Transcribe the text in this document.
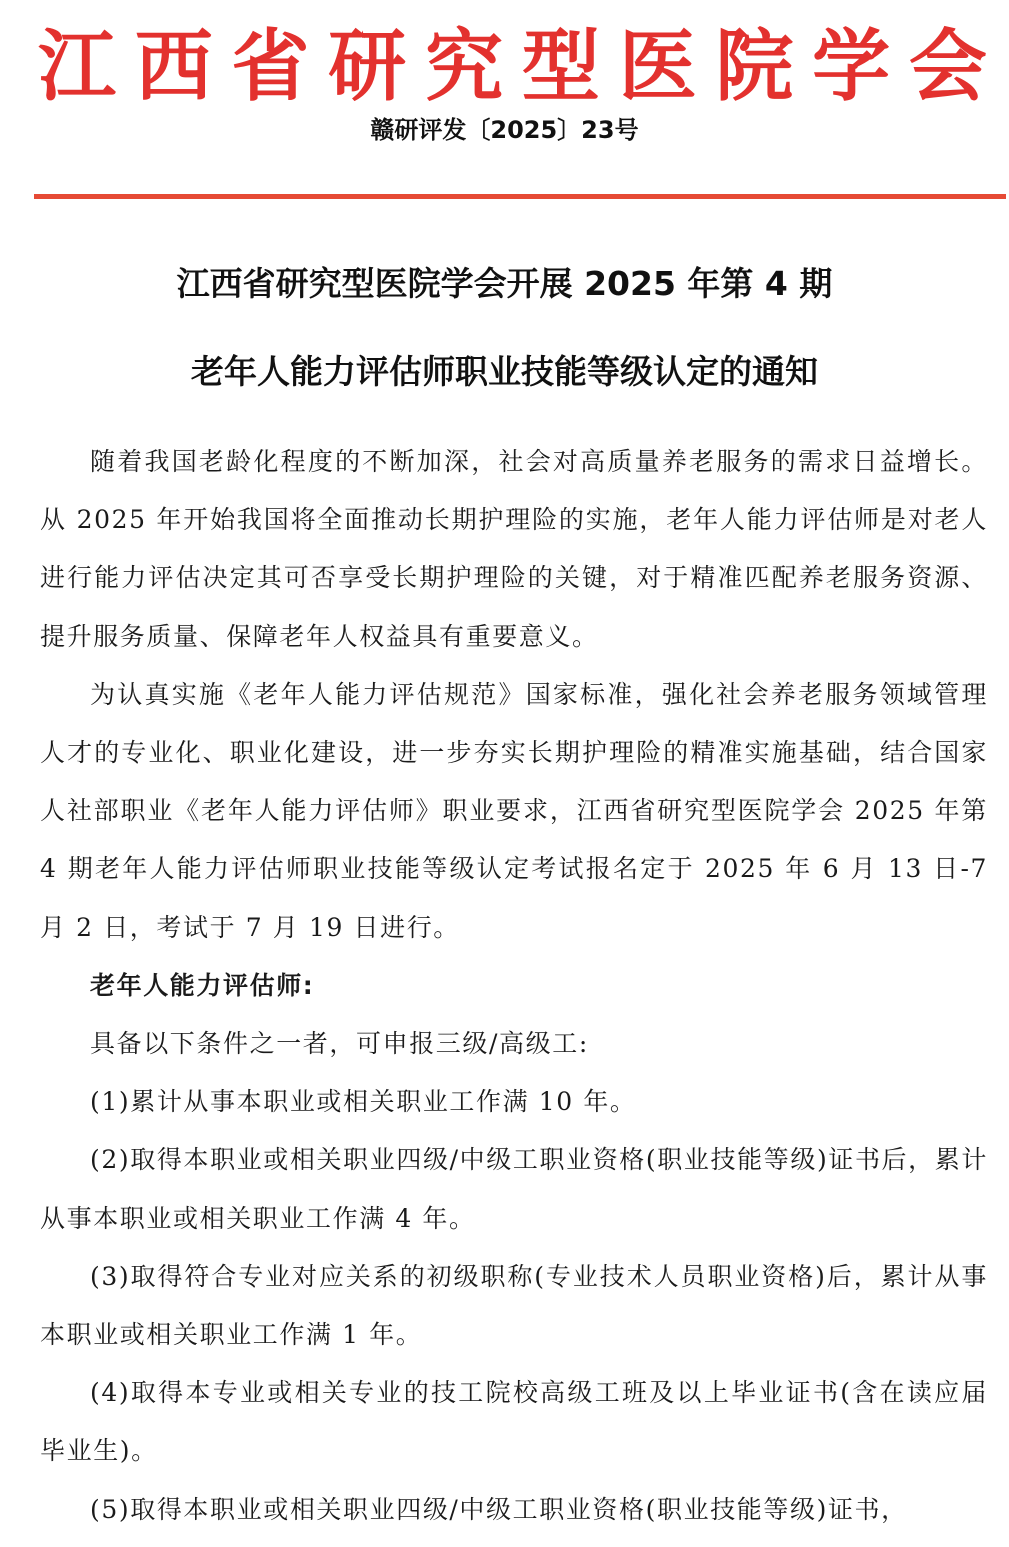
江 西 省 研 究 型 医 院 学 会
赣研评发〔2025〕23号
江西省研究型医院学会开展 2025 年第 4 期
老年人能力评估师职业技能等级认定的通知

随着我国老龄化程度的不断加深，社会对高质量养老服务的需求日益增长。从 2025 年开始我国将全面推动长期护理险的实施，老年人能力评估师是对老人进行能力评估决定其可否享受长期护理险的关键，对于精准匹配养老服务资源、提升服务质量、保障老年人权益具有重要意义。

为认真实施《老年人能力评估规范》国家标准，强化社会养老服务领域管理人才的专业化、职业化建设，进一步夯实长期护理险的精准实施基础，结合国家人社部职业《老年人能力评估师》职业要求，江西省研究型医院学会 2025 年第 4 期老年人能力评估师职业技能等级认定考试报名定于 2025 年 6 月 13 日-7 月 2 日，考试于 7 月 19 日进行。

老年人能力评估师:

具备以下条件之一者，可申报三级/高级工:

(1)累计从事本职业或相关职业工作满 10 年。

(2)取得本职业或相关职业四级/中级工职业资格(职业技能等级)证书后，累计从事本职业或相关职业工作满 4 年。

(3)取得符合专业对应关系的初级职称(专业技术人员职业资格)后，累计从事本职业或相关职业工作满 1 年。

(4)取得本专业或相关专业的技工院校高级工班及以上毕业证书(含在读应届毕业生)。

(5)取得本职业或相关职业四级/中级工职业资格(职业技能等级)证书，
